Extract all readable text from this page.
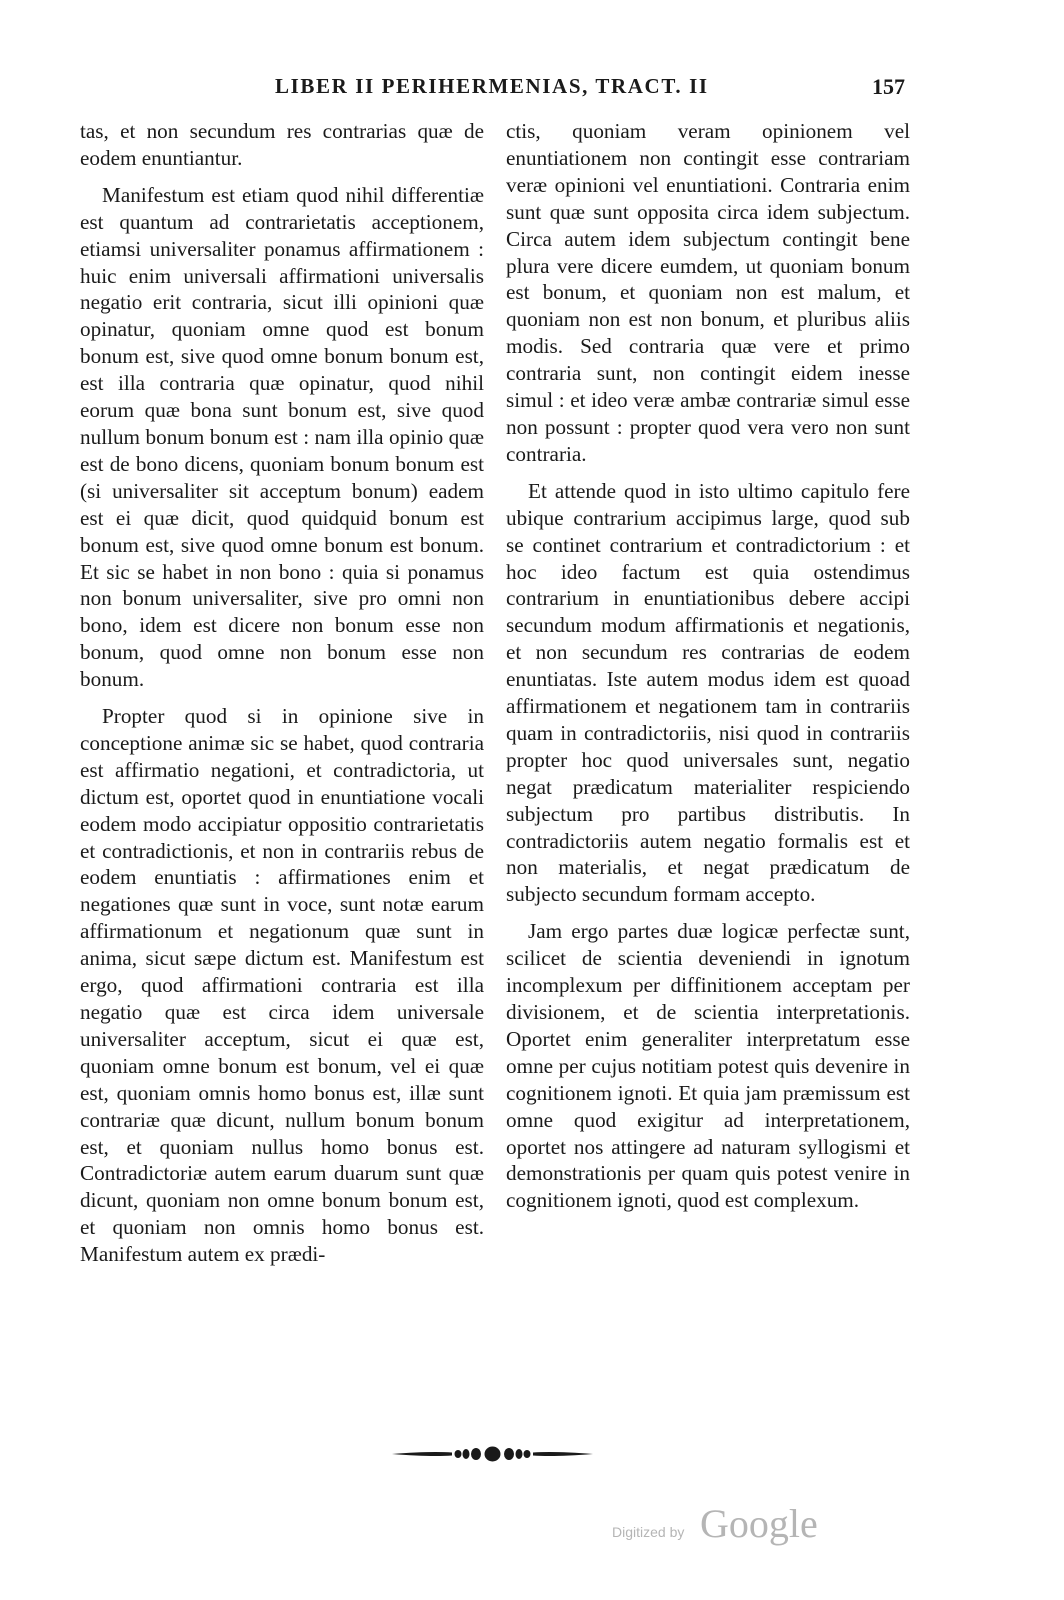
LIBER II PERIHERMENIAS, TRACT. II	157

tas, et non secundum res contrarias quæ de eodem enuntiantur.

Manifestum est etiam quod nihil differentiæ est quantum ad contrarietatis acceptionem, etiamsi universaliter ponamus affirmationem : huic enim universali affirmationi universalis negatio erit contraria, sicut illi opinioni quæ opinatur, quoniam omne quod est bonum bonum est, sive quod omne bonum bonum est, est illa contraria quæ opinatur, quod nihil eorum quæ bona sunt bonum est, sive quod nullum bonum bonum est : nam illa opinio quæ est de bono dicens, quoniam bonum bonum est (si universaliter sit acceptum bonum) eadem est ei quæ dicit, quod quidquid bonum est bonum est, sive quod omne bonum est bonum. Et sic se habet in non bono : quia si ponamus non bonum universaliter, sive pro omni non bono, idem est dicere non bonum esse non bonum, quod omne non bonum esse non bonum.

Propter quod si in opinione sive in conceptione animæ sic se habet, quod contraria est affirmatio negationi, et contradictoria, ut dictum est, oportet quod in enuntiatione vocali eodem modo accipiatur oppositio contrarietatis et contradictionis, et non in contrariis rebus de eodem enuntiatis : affirmationes enim et negationes quæ sunt in voce, sunt notæ earum affirmationum et negationum quæ sunt in anima, sicut sæpe dictum est. Manifestum est ergo, quod affirmationi contraria est illa negatio quæ est circa idem universale universaliter acceptum, sicut ei quæ est, quoniam omne bonum est bonum, vel ei quæ est, quoniam omnis homo bonus est, illæ sunt contrariæ quæ dicunt, nullum bonum bonum est, et quoniam nullus homo bonus est. Contradictoriæ autem earum duarum sunt quæ dicunt, quoniam non omne bonum bonum est, et quoniam non omnis homo bonus est. Manifestum autem ex prædi-

ctis, quoniam veram opinionem vel enuntiationem non contingit esse contrariam veræ opinioni vel enuntiationi. Contraria enim sunt quæ sunt opposita circa idem subjectum. Circa autem idem subjectum contingit bene plura vere dicere eumdem, ut quoniam bonum est bonum, et quoniam non est malum, et quoniam non est non bonum, et pluribus aliis modis. Sed contraria quæ vere et primo contraria sunt, non contingit eidem inesse simul : et ideo veræ ambæ contrariæ simul esse non possunt : propter quod vera vero non sunt contraria.

Et attende quod in isto ultimo capitulo fere ubique contrarium accipimus large, quod sub se continet contrarium et contradictorium : et hoc ideo factum est quia ostendimus contrarium in enuntiationibus debere accipi secundum modum affirmationis et negationis, et non secundum res contrarias de eodem enuntiatas. Iste autem modus idem est quoad affirmationem et negationem tam in contrariis quam in contradictoriis, nisi quod in contrariis propter hoc quod universales sunt, negatio negat prædicatum materialiter respiciendo subjectum pro partibus distributis. In contradictoriis autem negatio formalis est et non materialis, et negat prædicatum de subjecto secundum formam accepto.

Jam ergo partes duæ logicæ perfectæ sunt, scilicet de scientia deveniendi in ignotum incomplexum per diffinitionem acceptam per divisionem, et de scientia interpretationis. Oportet enim generaliter interpretatum esse omne per cujus notitiam potest quis devenire in cognitionem ignoti. Et quia jam præmissum est omne quod exigitur ad interpretationem, oportet nos attingere ad naturam syllogismi et demonstrationis per quam quis potest venire in cognitionem ignoti, quod est complexum.

Digitized by Google
